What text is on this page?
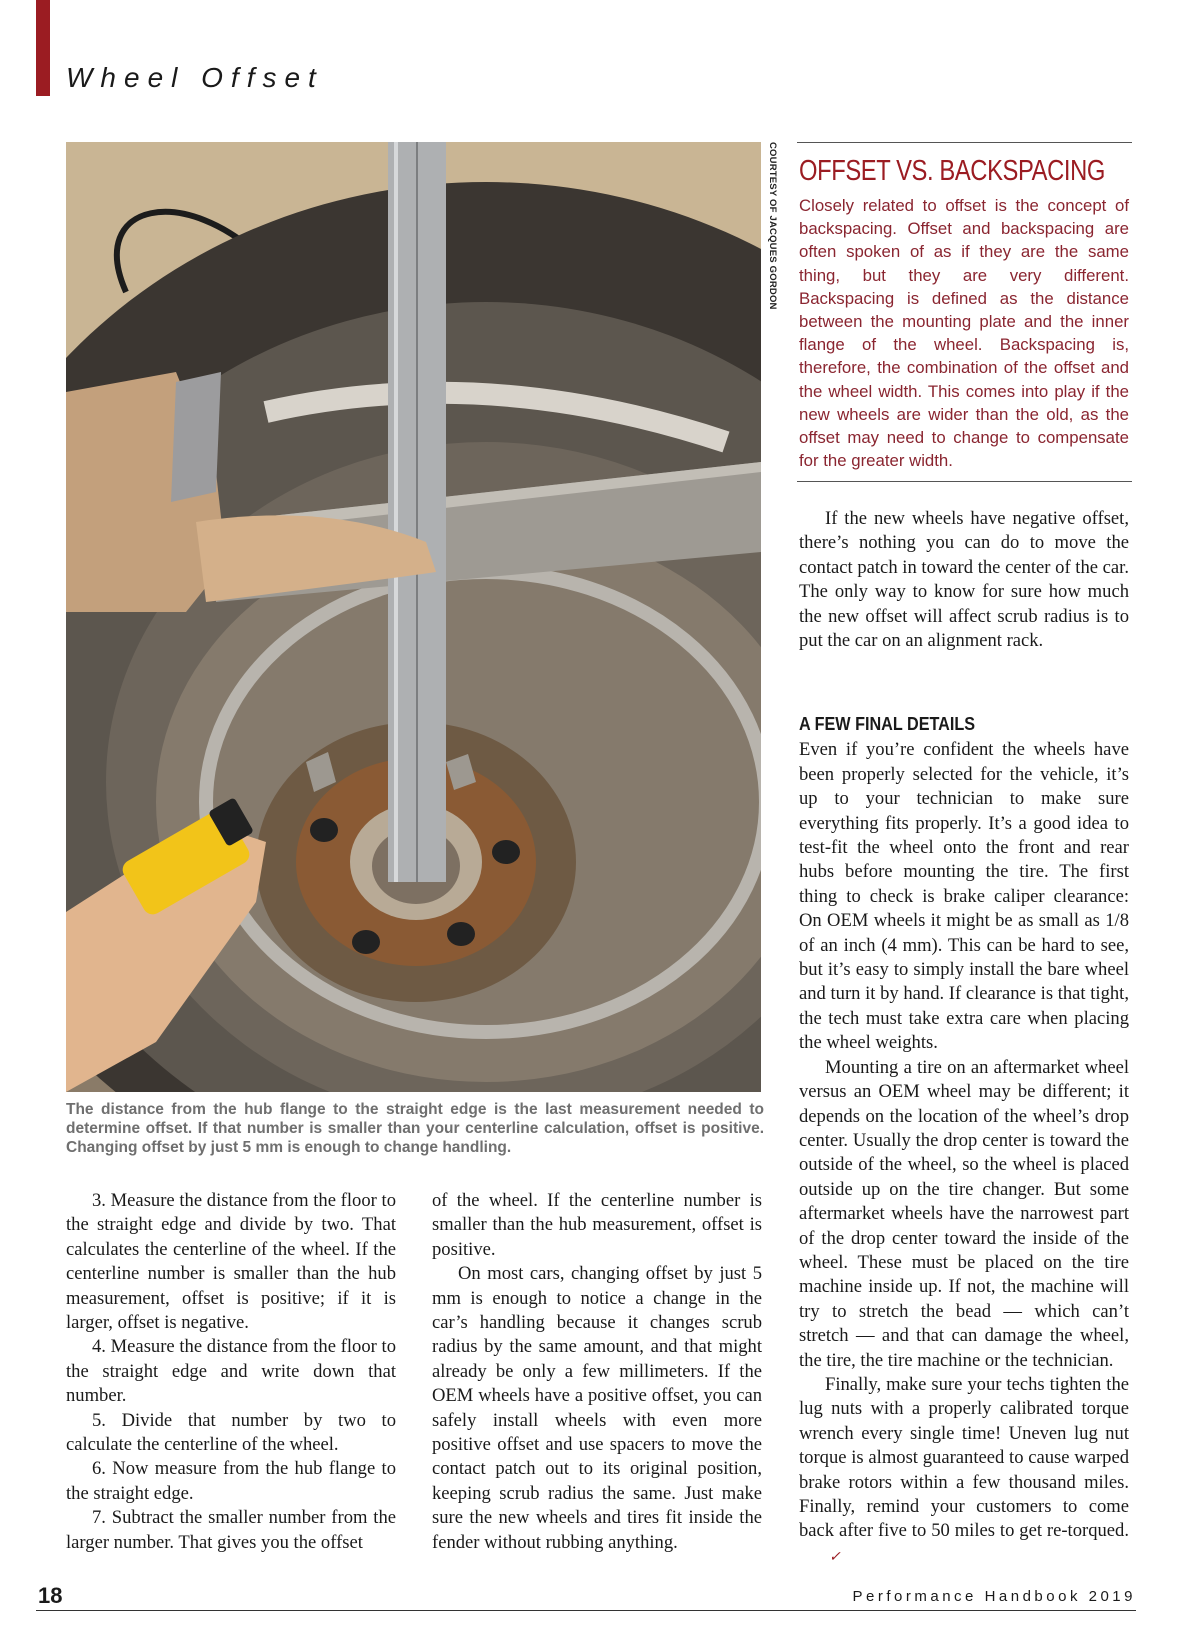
Wheel Offset
COURTESY OF JACQUES GORDON

The distance from the hub flange to the straight edge is the last measurement needed to determine offset. If that number is smaller than your centerline calculation, offset is positive. Changing offset by just 5 mm is enough to change handling.

OFFSET VS. BACKSPACING

Closely related to offset is the concept of backspacing. Offset and backspacing are often spoken of as if they are the same thing, but they are very different. Backspacing is defined as the distance between the mounting plate and the inner flange of the wheel. Backspacing is, therefore, the combination of the offset and the wheel width. This comes into play if the new wheels are wider than the old, as the offset may need to change to compensate for the greater width.

3. Measure the distance from the floor to the straight edge and divide by two. That calculates the centerline of the wheel. If the centerline number is smaller than the hub measurement, offset is positive; if it is larger, offset is negative.

4. Measure the distance from the floor to the straight edge and write down that number.

5. Divide that number by two to calculate the centerline of the wheel.

6. Now measure from the hub flange to the straight edge.

7. Subtract the smaller number from the larger number. That gives you the offset

of the wheel. If the centerline number is smaller than the hub measurement, offset is positive.

On most cars, changing offset by just 5 mm is enough to notice a change in the car’s handling because it changes scrub radius by the same amount, and that might already be only a few millimeters. If the OEM wheels have a positive offset, you can safely install wheels with even more positive offset and use spacers to move the contact patch out to its original position, keeping scrub radius the same. Just make sure the new wheels and tires fit inside the fender without rubbing anything.

If the new wheels have negative offset, there’s nothing you can do to move the contact patch in toward the center of the car. The only way to know for sure how much the new offset will affect scrub radius is to put the car on an alignment rack.

A FEW FINAL DETAILS

Even if you’re confident the wheels have been properly selected for the vehicle, it’s up to your technician to make sure everything fits properly. It’s a good idea to test-fit the wheel onto the front and rear hubs before mounting the tire. The first thing to check is brake caliper clearance: On OEM wheels it might be as small as 1/8 of an inch (4 mm). This can be hard to see, but it’s easy to simply install the bare wheel and turn it by hand. If clearance is that tight, the tech must take extra care when placing the wheel weights.

Mounting a tire on an aftermarket wheel versus an OEM wheel may be different; it depends on the location of the wheel’s drop center. Usually the drop center is toward the outside of the wheel, so the wheel is placed outside up on the tire changer. But some aftermarket wheels have the narrowest part of the drop center toward the inside of the wheel. These must be placed on the tire machine inside up. If not, the machine will try to stretch the bead — which can’t stretch — and that can damage the wheel, the tire, the tire machine or the technician.

Finally, make sure your techs tighten the lug nuts with a properly calibrated torque wrench every single time! Uneven lug nut torque is almost guaranteed to cause warped brake rotors within a few thousand miles. Finally, remind your customers to come back after five to 50 miles to get re-torqued.✓

18	Performance Handbook 2019
